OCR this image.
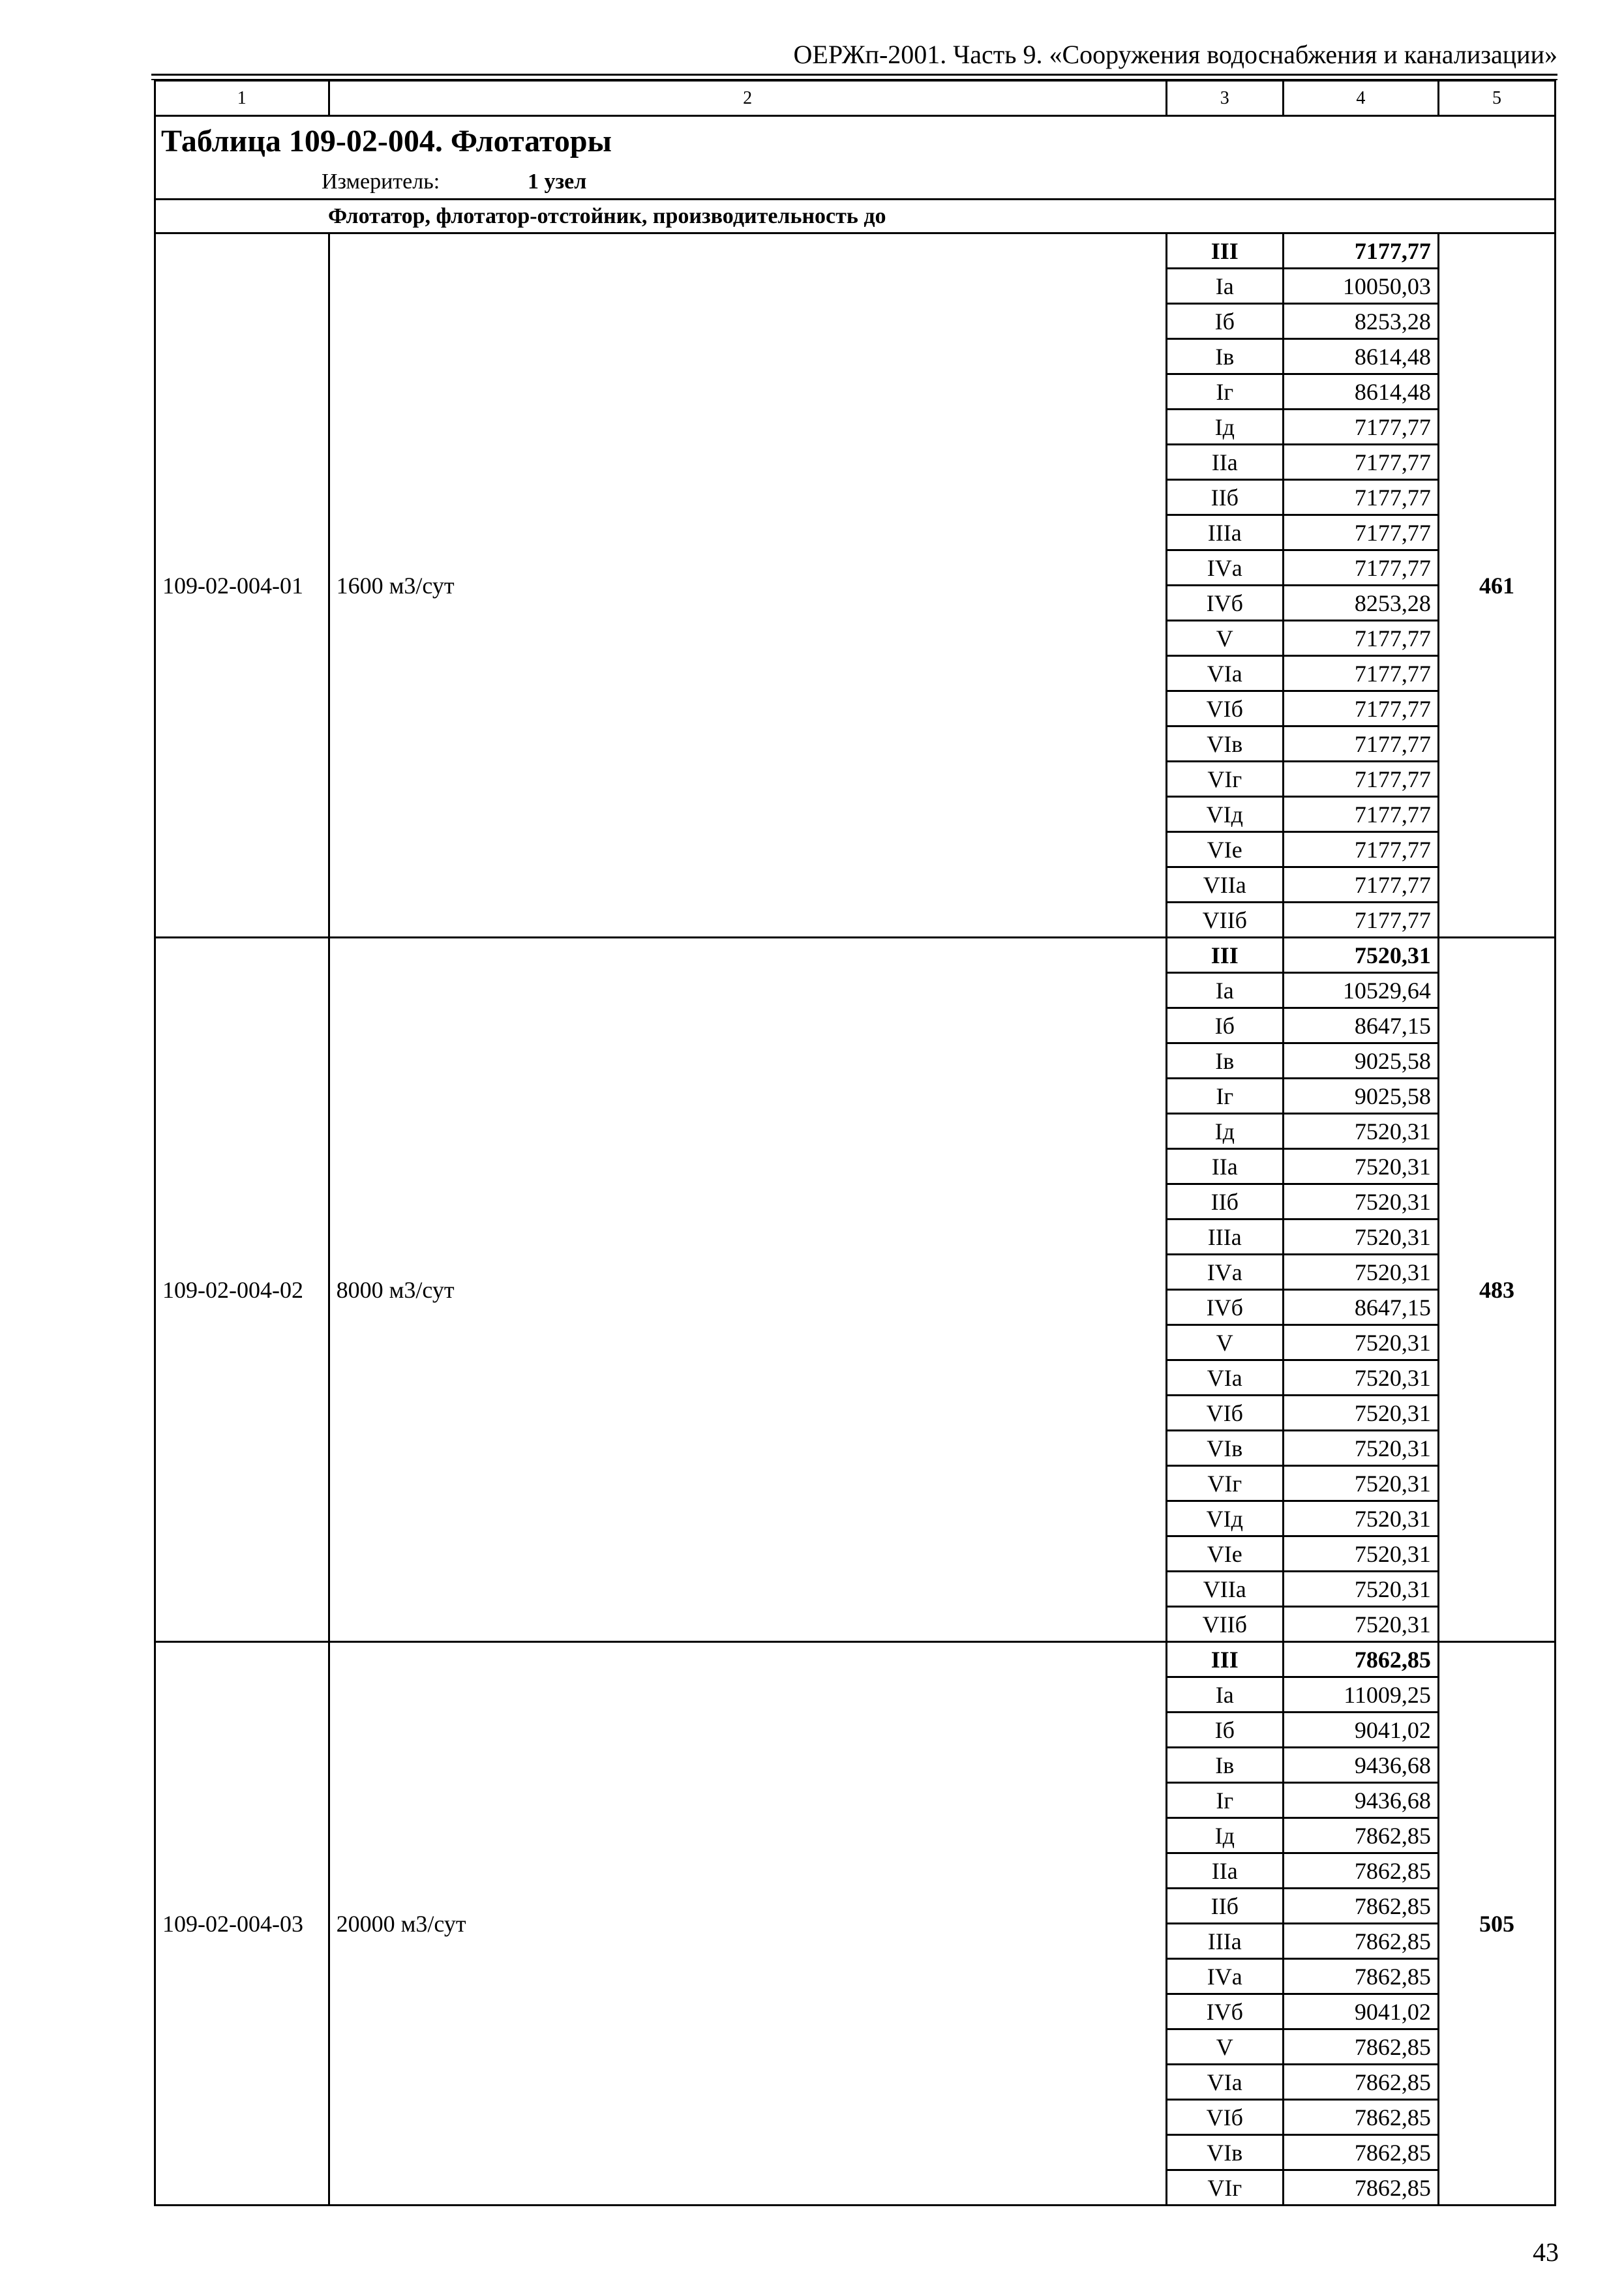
ОЕРЖп-2001. Часть 9. «Сооружения водоснабжения и канализации»
1	2	3	4	5
Таблица 109-02-004. Флотаторы				

Измеритель: 1 узел				

Флотатор, флотатор-отстойник, производительность до				
109-02-004-01	1600 м3/сут	III	7177,77	461
		Iа	10050,03	
		Iб	8253,28	
		Iв	8614,48	
		Iг	8614,48	
		Iд	7177,77	
		IIа	7177,77	
		IIб	7177,77	
		IIIа	7177,77	
		IVа	7177,77	
		IVб	8253,28	
		V	7177,77	
		VIа	7177,77	
		VIб	7177,77	
		VIв	7177,77	
		VIг	7177,77	
		VIд	7177,77	
		VIе	7177,77	
		VIIа	7177,77	
		VIIб	7177,77	
109-02-004-02	8000 м3/сут	III	7520,31	483
		Iа	10529,64	
		Iб	8647,15	
		Iв	9025,58	
		Iг	9025,58	
		Iд	7520,31	
		IIа	7520,31	
		IIб	7520,31	
		IIIа	7520,31	
		IVа	7520,31	
		IVб	8647,15	
		V	7520,31	
		VIа	7520,31	
		VIб	7520,31	
		VIв	7520,31	
		VIг	7520,31	
		VIд	7520,31	
		VIе	7520,31	
		VIIа	7520,31	
		VIIб	7520,31	
109-02-004-03	20000 м3/сут	III	7862,85	505
		Iа	11009,25	
		Iб	9041,02	
		Iв	9436,68	
		Iг	9436,68	
		Iд	7862,85	
		IIа	7862,85	
		IIб	7862,85	
		IIIа	7862,85	
		IVа	7862,85	
		IVб	9041,02	
		V	7862,85	
		VIа	7862,85	
		VIб	7862,85	
		VIв	7862,85	
		VIг	7862,85	
43
